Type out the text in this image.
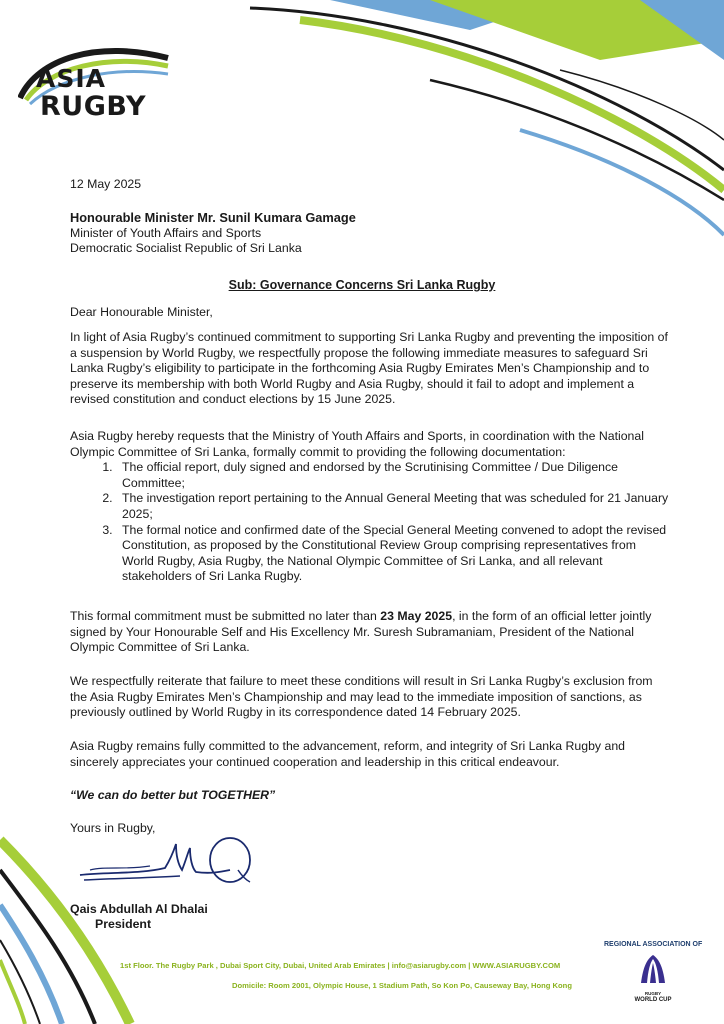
ASIA
RUGBY
12 May 2025
Honourable Minister Mr. Sunil Kumara Gamage
Minister of Youth Affairs and Sports
Democratic Socialist Republic of Sri Lanka
Sub: Governance Concerns Sri Lanka Rugby
Dear Honourable Minister,
In light of Asia Rugby’s continued commitment to supporting Sri Lanka Rugby and preventing the imposition of a suspension by World Rugby, we respectfully propose the following immediate measures to safeguard Sri Lanka Rugby’s eligibility to participate in the forthcoming Asia Rugby Emirates Men’s Championship and to preserve its membership with both World Rugby and Asia Rugby, should it fail to adopt and implement a revised constitution and conduct elections by 15 June 2025.

Asia Rugby hereby requests that the Ministry of Youth Affairs and Sports, in coordination with the National Olympic Committee of Sri Lanka, formally commit to providing the following documentation:

1. The official report, duly signed and endorsed by the Scrutinising Committee / Due Diligence Committee;
2. The investigation report pertaining to the Annual General Meeting that was scheduled for 21 January 2025;
3. The formal notice and confirmed date of the Special General Meeting convened to adopt the revised Constitution, as proposed by the Constitutional Review Group comprising representatives from World Rugby, Asia Rugby, the National Olympic Committee of Sri Lanka, and all relevant stakeholders of Sri Lanka Rugby.
This formal commitment must be submitted no later than 23 May 2025, in the form of an official letter jointly signed by Your Honourable Self and His Excellency Mr. Suresh Subramaniam, President of the National Olympic Committee of Sri Lanka.
We respectfully reiterate that failure to meet these conditions will result in Sri Lanka Rugby’s exclusion from the Asia Rugby Emirates Men’s Championship and may lead to the immediate imposition of sanctions, as previously outlined by World Rugby in its correspondence dated 14 February 2025.
Asia Rugby remains fully committed to the advancement, reform, and integrity of Sri Lanka Rugby and sincerely appreciates your continued cooperation and leadership in this critical endeavour.
“We can do better but TOGETHER”
Yours in Rugby,
Qais Abdullah Al Dhalai
President
REGIONAL ASSOCIATION OF
RUGBY
WORLD CUP
1st Floor. The Rugby Park , Dubai Sport City, Dubai, United Arab Emirates | info@asiarugby.com | WWW.ASIARUGBY.COM
Domicile: Room 2001, Olympic House, 1 Stadium Path, So Kon Po, Causeway Bay, Hong Kong
